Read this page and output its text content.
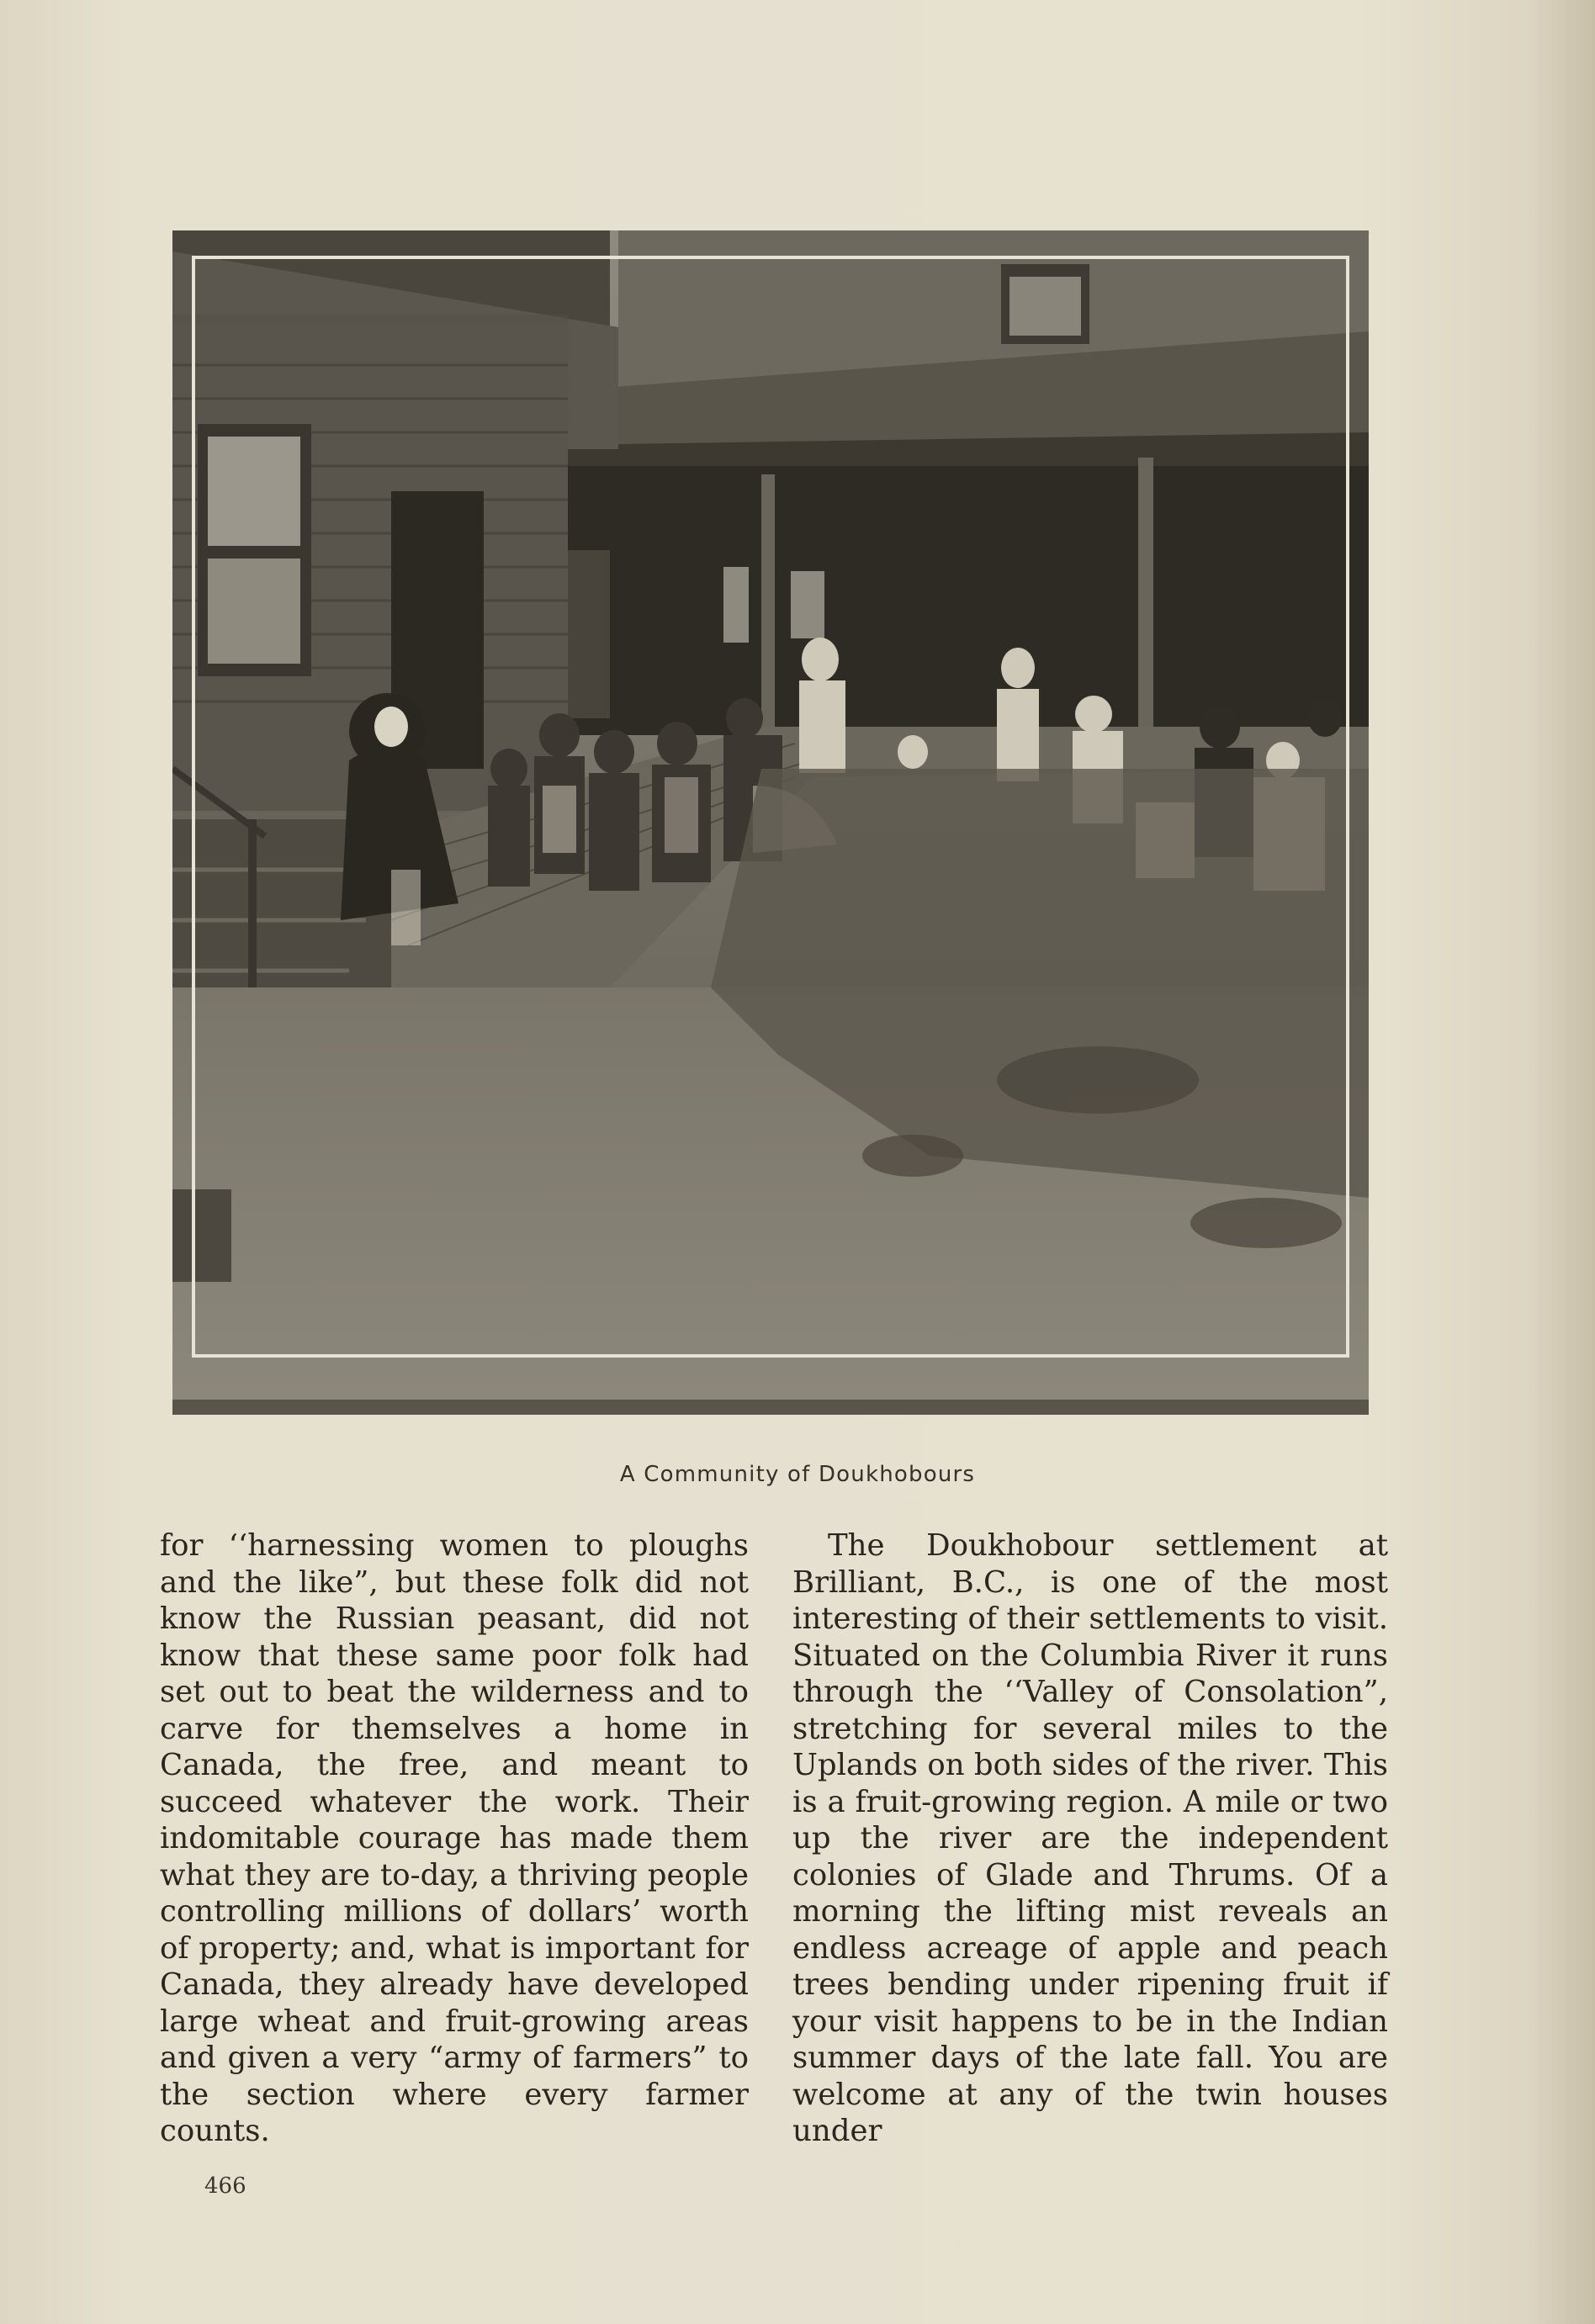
A Community of Doukhobours

for ‘‘harnessing women to ploughs and the like”, but these folk did not know the Russian peasant, did not know that these same poor folk had set out to beat the wilderness and to carve for themselves a home in Canada, the free, and meant to succeed whatever the work. Their indomitable courage has made them what they are to-day, a thriving people controlling millions of dollars’ worth of property; and, what is important for Canada, they already have developed large wheat and fruit-growing areas and given a very “army of farmers” to the section where every farmer counts.

The Doukhobour settlement at Brilliant, B.C., is one of the most interesting of their settlements to visit. Situated on the Columbia River it runs through the ‘‘Valley of Consolation”, stretching for several miles to the Uplands on both sides of the river. This is a fruit-growing region. A mile or two up the river are the independent colonies of Glade and Thrums. Of a morning the lifting mist reveals an endless acreage of apple and peach trees bending under ripening fruit if your visit happens to be in the Indian summer days of the late fall. You are welcome at any of the twin houses under

466
